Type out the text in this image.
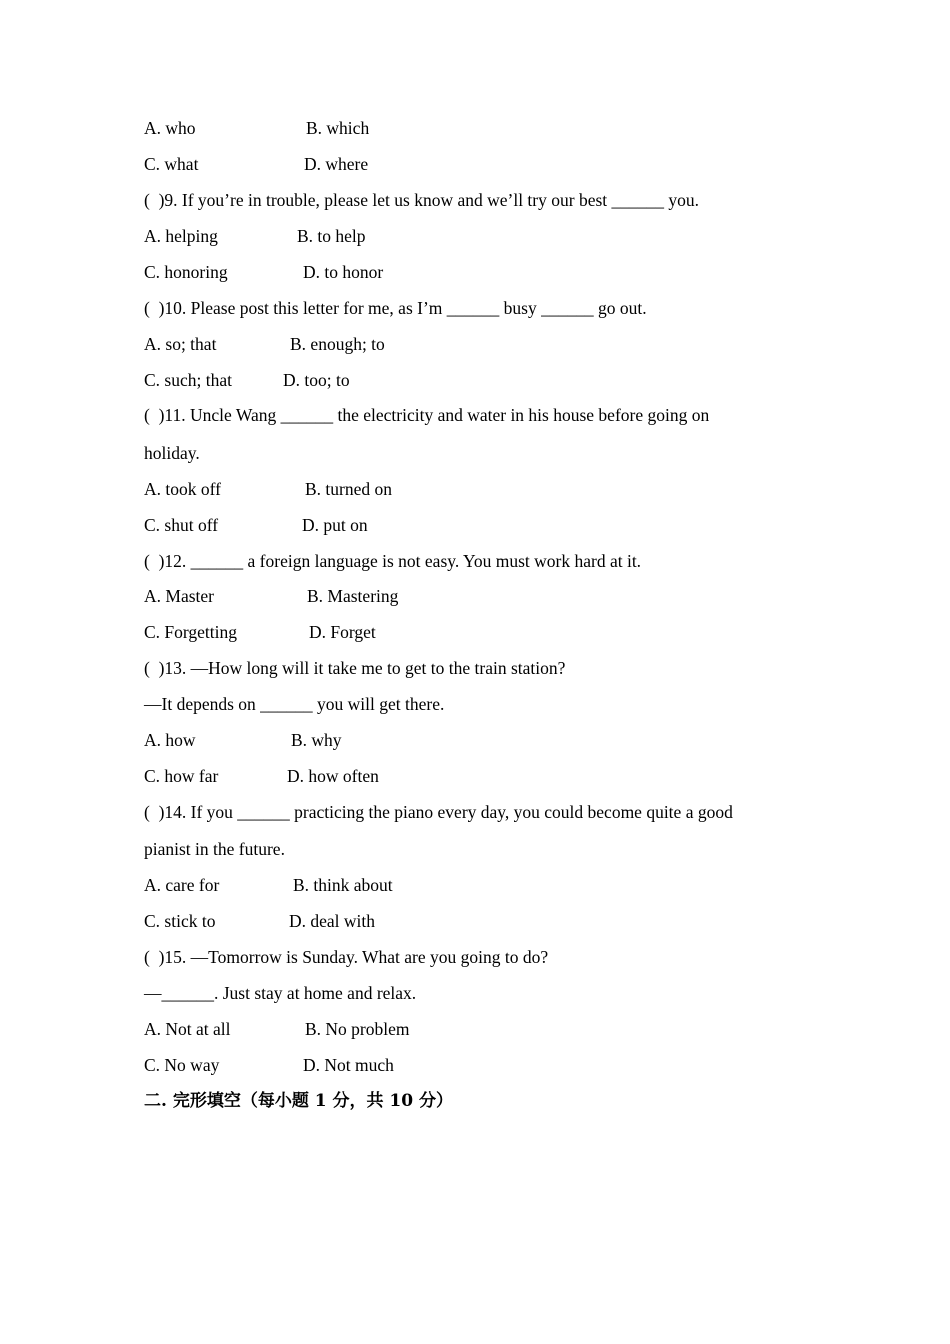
A. who	B. which
C. what	D. where
(  )9. If you’re in trouble, please let us know and we’ll try our best ______ you.
A. helping	B. to help
C. honoring	D. to honor
(  )10. Please post this letter for me, as I’m ______ busy ______ go out.
A. so; that	B. enough; to
C. such; that	D. too; to
(  )11. Uncle Wang ______ the electricity and water in his house before going on
holiday.
A. took off	B. turned on
C. shut off	D. put on
(  )12. ______ a foreign language is not easy. You must work hard at it.
A. Master	B. Mastering
C. Forgetting	D. Forget
(  )13. —How long will it take me to get to the train station?
—It depends on ______ you will get there.
A. how	B. why
C. how far	D. how often
(  )14. If you ______ practicing the piano every day, you could become quite a good
pianist in the future.
A. care for	B. think about
C. stick to	D. deal with
(  )15. —Tomorrow is Sunday. What are you going to do?
—______. Just stay at home and relax.
A. Not at all	B. No problem
C. No way	D. Not much
二. 完形填空（每小题 1 分，共 10 分）
